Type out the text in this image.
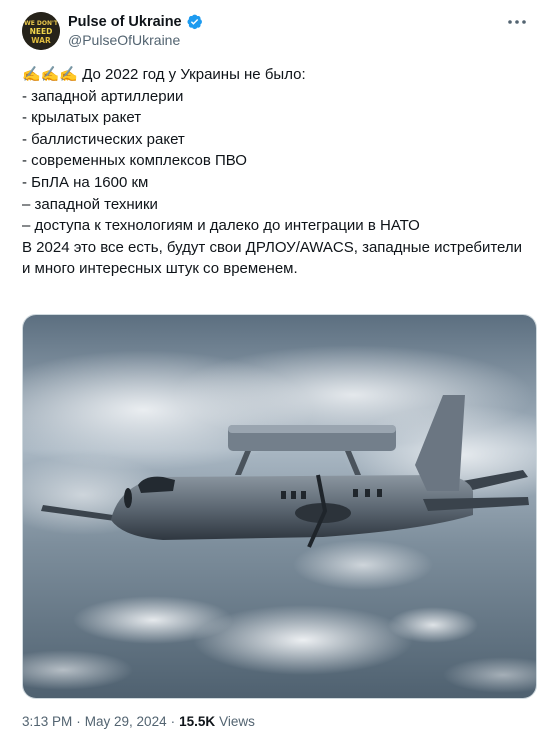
WE DON'T
NEED
WAR
Pulse of Ukraine
@PulseOfUkraine
✍️✍️✍️ До 2022 год у Украины не было:
- западной артиллерии
- крылатых ракет
- баллистических ракет
- современных комплексов ПВО
- БпЛА на 1600 км
– западной техники
– доступа к технологиям и далеко до интеграции в НАТО
В 2024 это все есть, будут свои ДРЛОУ/AWACS, западные истребители
и много интересных штук со временем.
3:13 PM · May 29, 2024 · 15.5K Views
